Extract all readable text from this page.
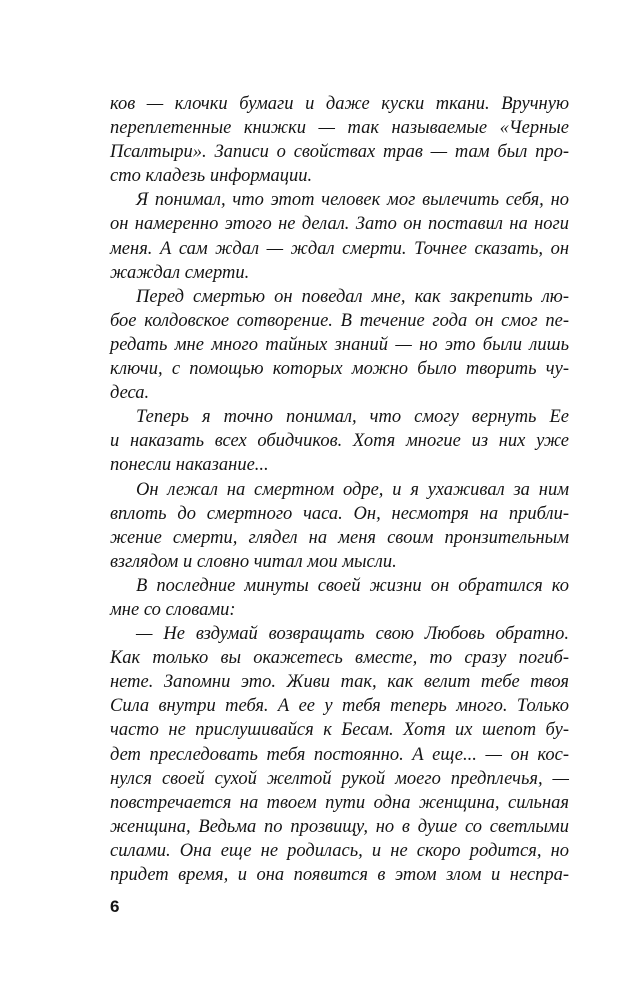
ков — клочки бумаги и даже куски ткани. Вручную
переплетенные книжки — так называемые «Черные
Псалтыри». Записи о свойствах трав — там был про-
сто кладезь информации.
Я понимал, что этот человек мог вылечить себя, но
он намеренно этого не делал. Зато он поставил на ноги
меня. А сам ждал — ждал смерти. Точнее сказать, он
жаждал смерти.
Перед смертью он поведал мне, как закрепить лю-
бое колдовское сотворение. В течение года он смог пе-
редать мне много тайных знаний — но это были лишь
ключи, с помощью которых можно было творить чу-
деса.
Теперь я точно понимал, что смогу вернуть Ее
и наказать всех обидчиков. Хотя многие из них уже
понесли наказание...
Он лежал на смертном одре, и я ухаживал за ним
вплоть до смертного часа. Он, несмотря на прибли-
жение смерти, глядел на меня своим пронзительным
взглядом и словно читал мои мысли.
В последние минуты своей жизни он обратился ко
мне со словами:
— Не вздумай возвращать свою Любовь обратно.
Как только вы окажетесь вместе, то сразу погиб-
нете. Запомни это. Живи так, как велит тебе твоя
Сила внутри тебя. А ее у тебя теперь много. Только
часто не прислушивайся к Бесам. Хотя их шепот бу-
дет преследовать тебя постоянно. А еще... — он кос-
нулся своей сухой желтой рукой моего предплечья, —
повстречается на твоем пути одна женщина, сильная
женщина, Ведьма по прозвищу, но в душе со светлыми
силами. Она еще не родилась, и не скоро родится, но
придет время, и она появится в этом злом и неспра-
6
